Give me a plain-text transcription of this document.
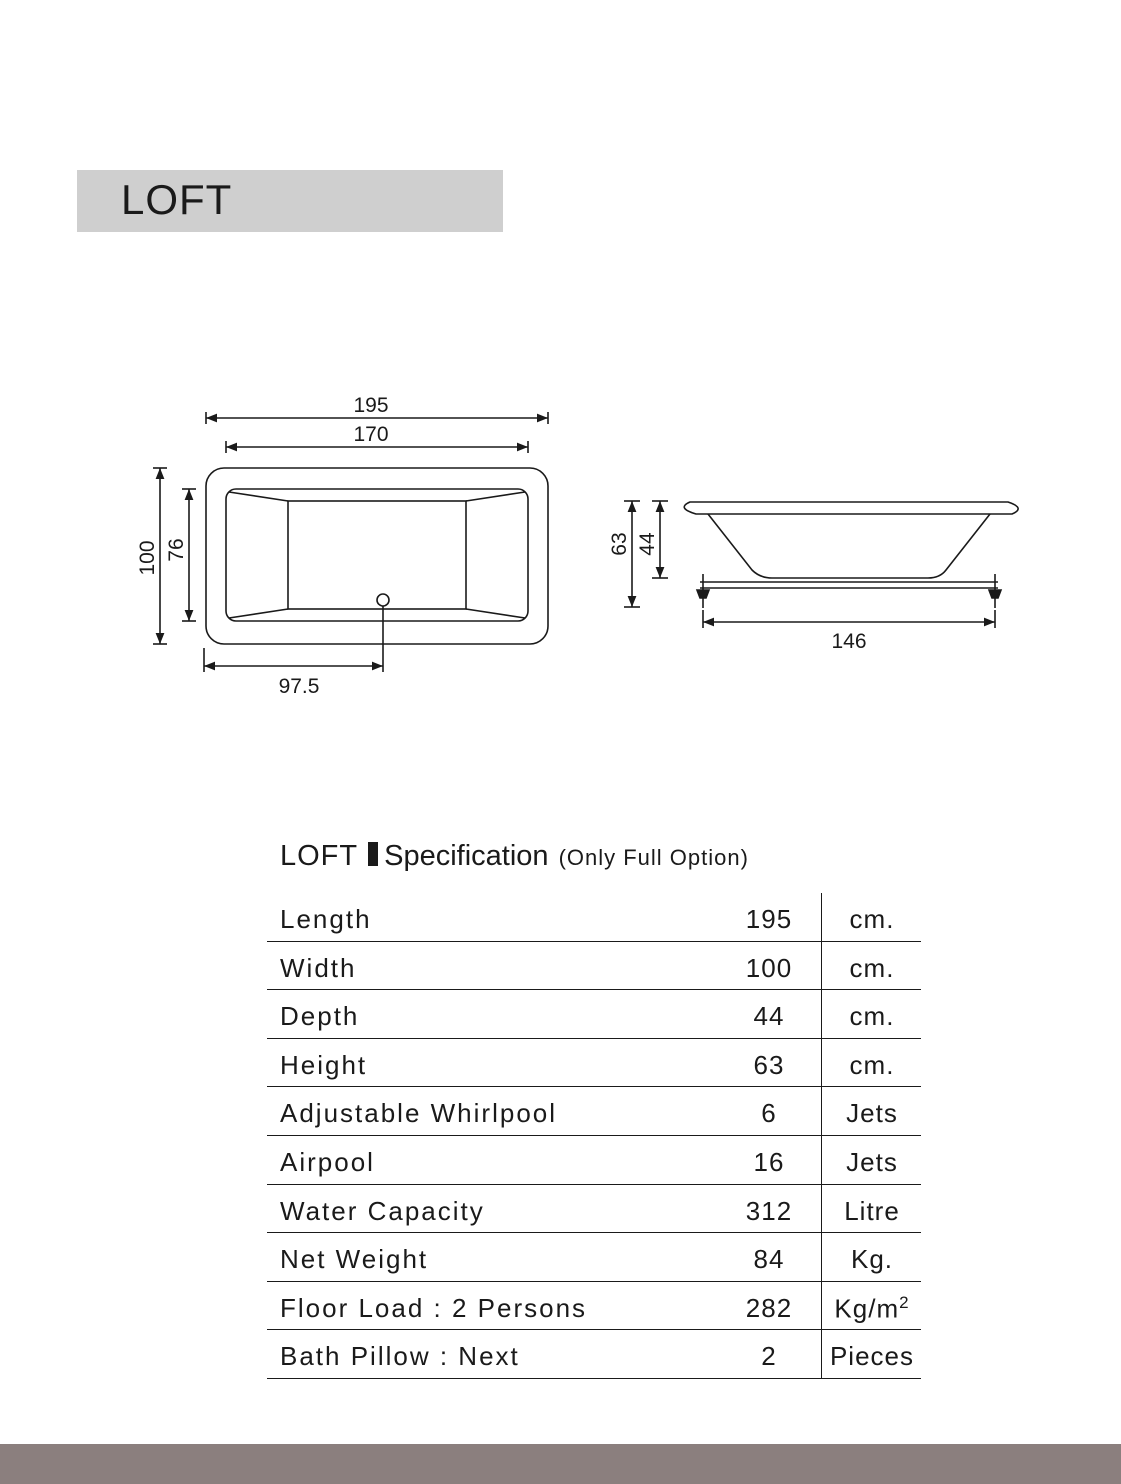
LOFT
195
170
100 76
97.5
63 44
146
LOFT Specification (Only Full Option)
Length	195	cm.
Width	100	cm.
Depth	44	cm.
Height	63	cm.
Adjustable Whirlpool	6	Jets
Airpool	16	Jets
Water Capacity	312	Litre
Net Weight	84	Kg.
Floor Load : 2 Persons	282	$Kg/m^2$
Bath Pillow : Next	2	Pieces
